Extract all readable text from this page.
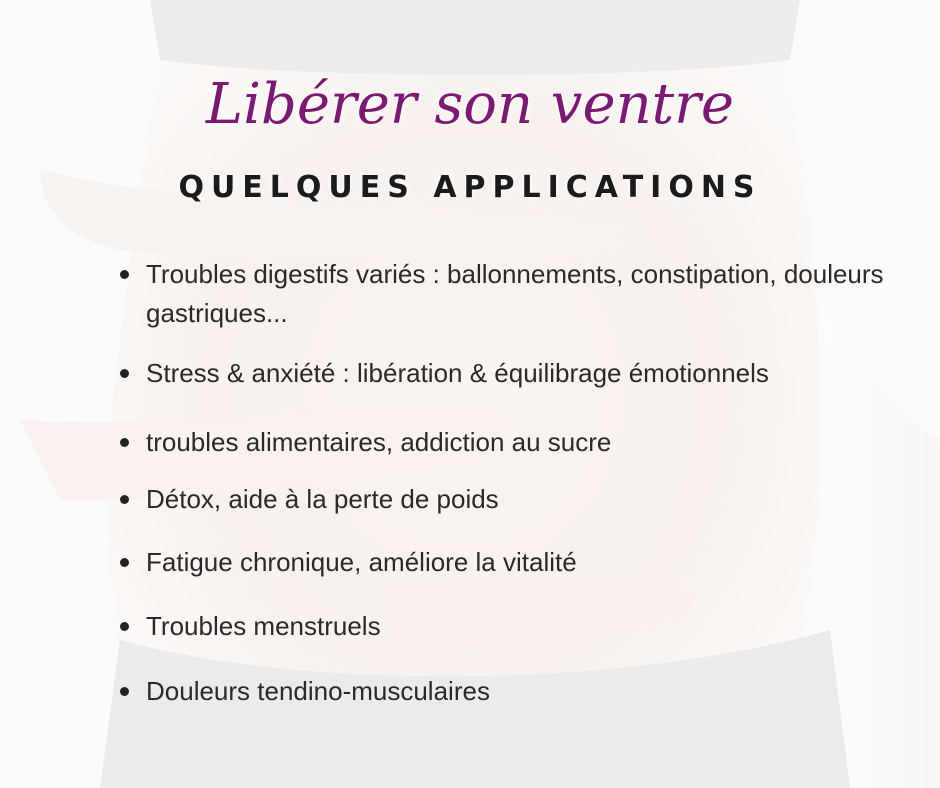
Libérer son ventre
QUELQUES APPLICATIONS
Troubles digestifs variés : ballonnements, constipation, douleurs gastriques...
Stress & anxiété : libération & équilibrage émotionnels
troubles alimentaires, addiction au sucre
Détox, aide à la perte de poids
Fatigue chronique, améliore la vitalité
Troubles menstruels
Douleurs tendino-musculaires
